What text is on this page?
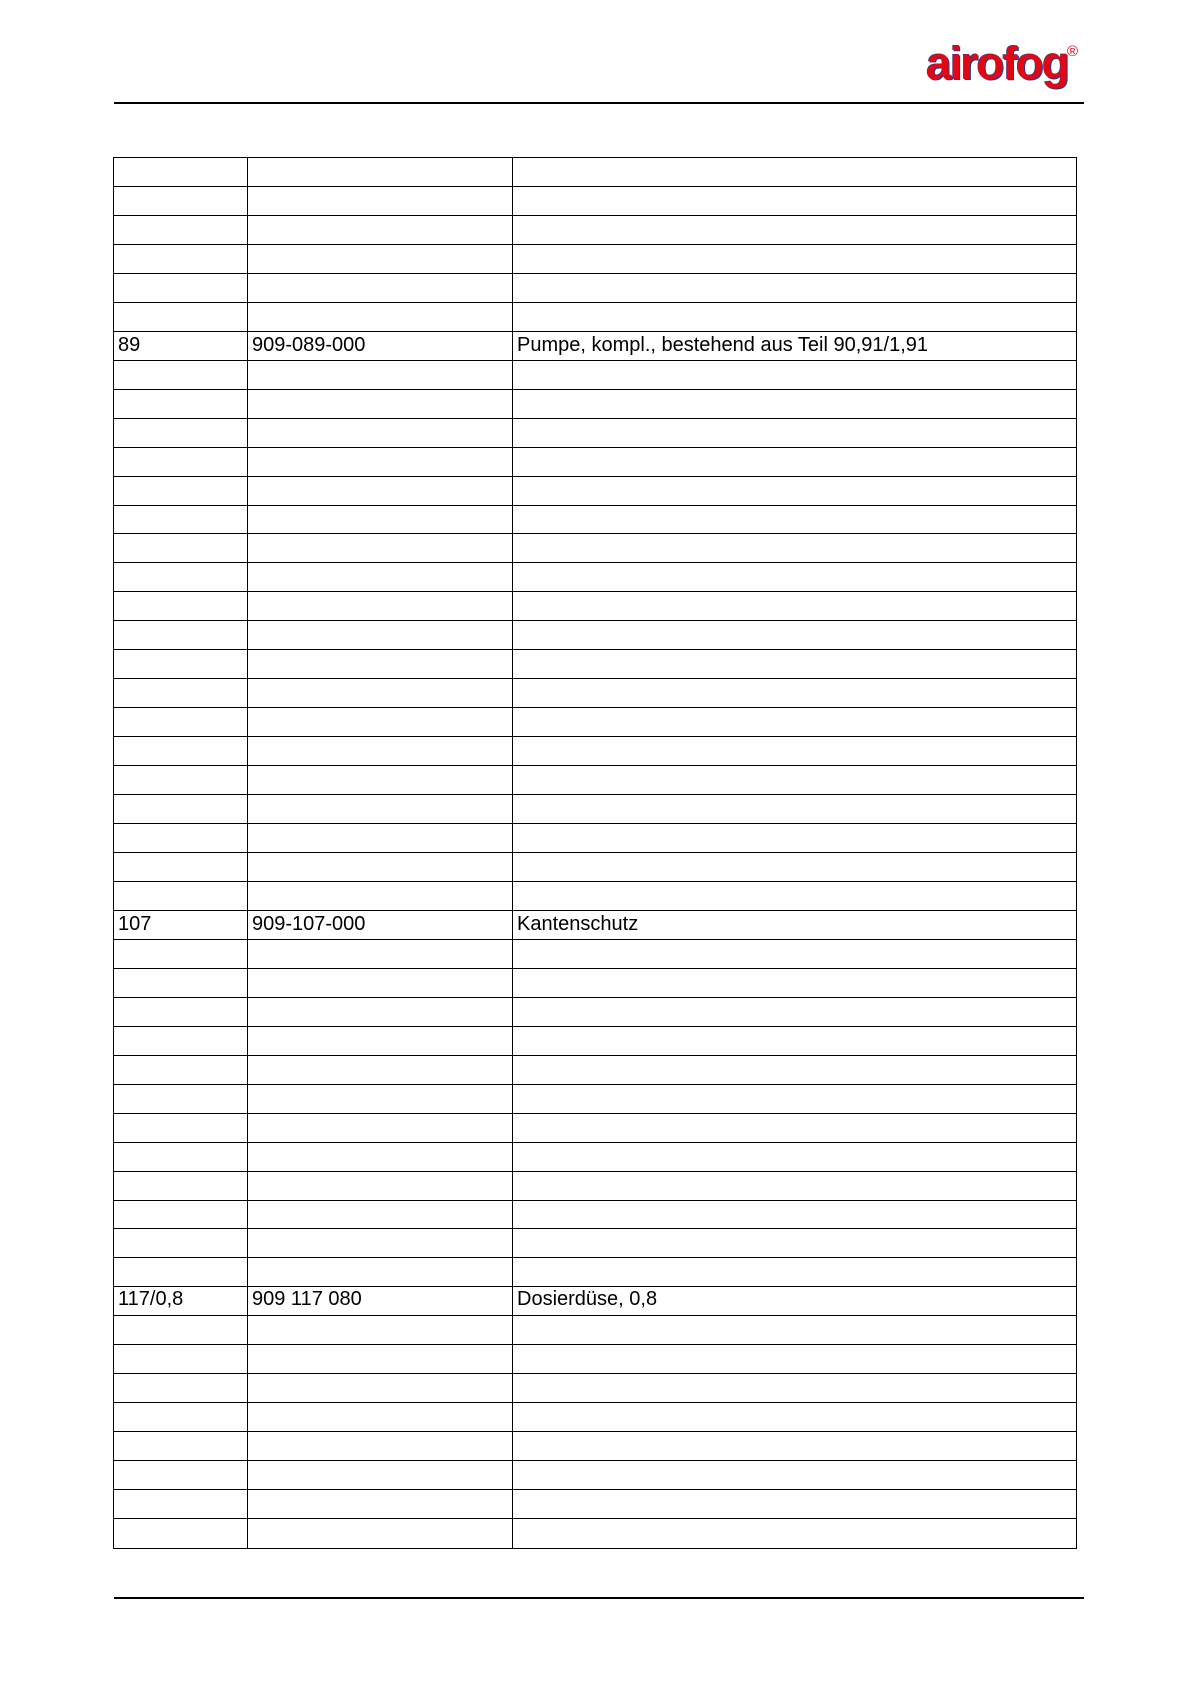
airofog ®
89	909-089-000	Pumpe, kompl., bestehend aus Teil 90,91/1,91
107	909-107-000	Kantenschutz
117/0,8	909 117 080	Dosierdüse, 0,8
